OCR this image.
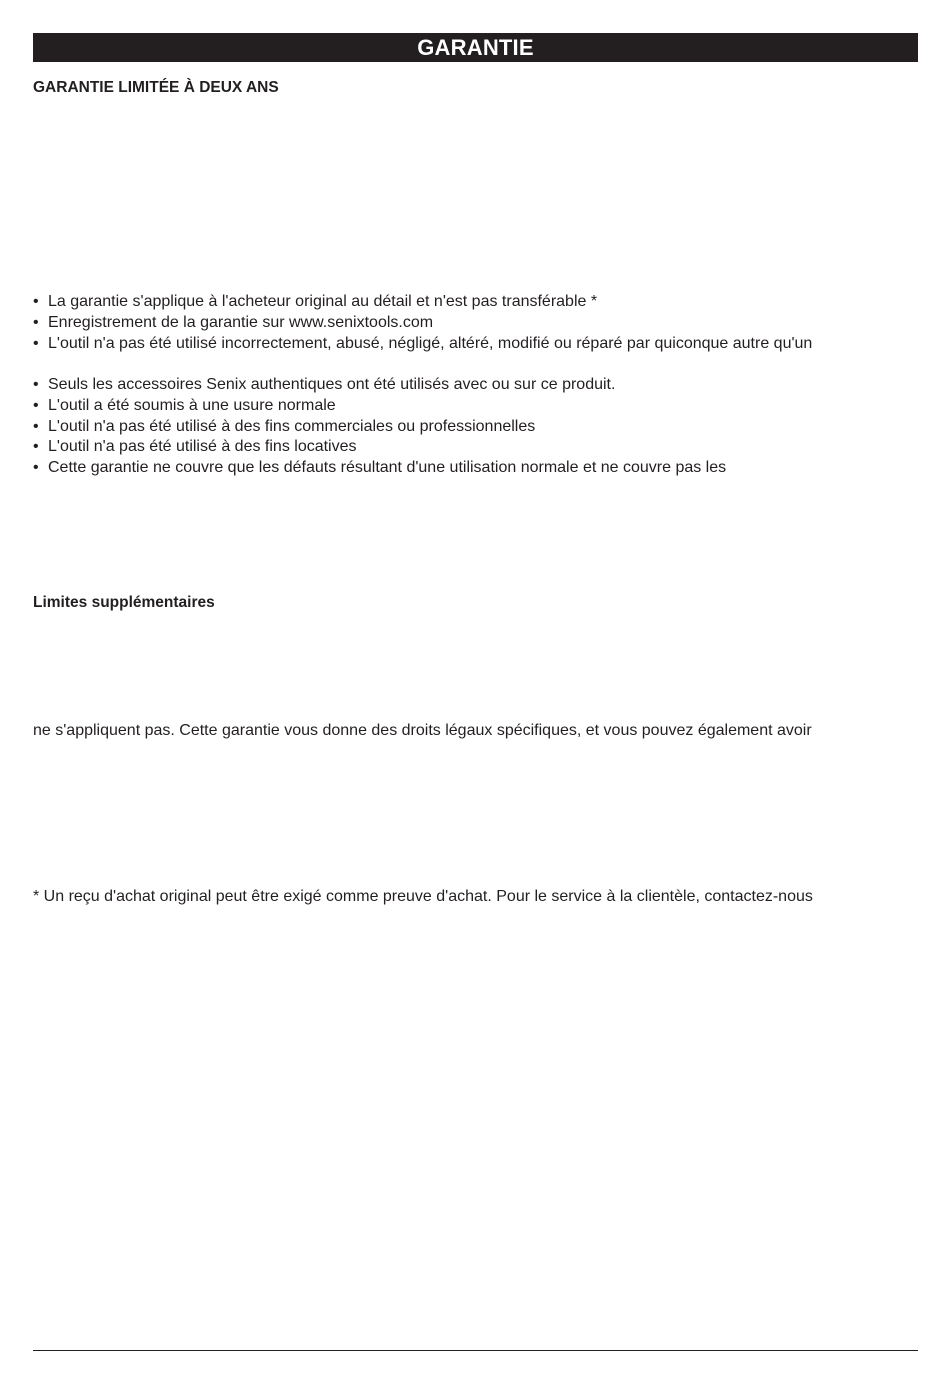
GARANTIE
GARANTIE LIMITÉE À DEUX ANS
• La garantie s'applique à l'acheteur original au détail et n'est pas transférable *
• Enregistrement de la garantie sur www.senixtools.com
• L'outil n'a pas été utilisé incorrectement, abusé, négligé, altéré, modifié ou réparé par quiconque autre qu'un
• Seuls les accessoires Senix authentiques ont été utilisés avec ou sur ce produit.
• L'outil a été soumis à une usure normale
• L'outil n'a pas été utilisé à des fins commerciales ou professionnelles
• L'outil n'a pas été utilisé à des fins locatives
• Cette garantie ne couvre que les défauts résultant d'une utilisation normale et ne couvre pas les
Limites supplémentaires
ne s'appliquent pas. Cette garantie vous donne des droits légaux spécifiques, et vous pouvez également avoir
* Un reçu d'achat original peut être exigé comme preuve d'achat. Pour le service à la clientèle, contactez-nous
